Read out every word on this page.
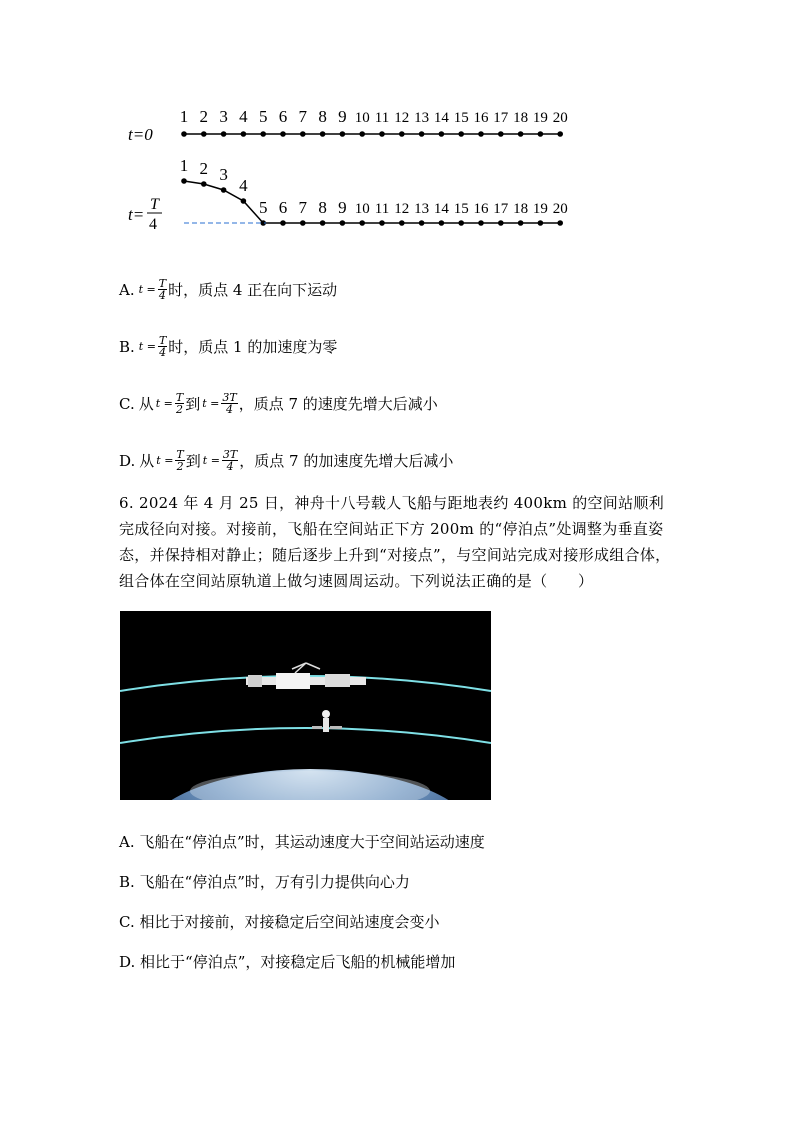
1 2 3 4 5 6 7 8 9 10 11 12 13 14 15 16 17 18 19 20
1 2 3
4
5 6 7 8 9 10 11 12 13 14 15 16 17 18 19 20
t=0
t=
T
4
A. $t = \frac{T}{4}$ 时，质点 4 正在向下运动
B. $t = \frac{T}{4}$ 时，质点 1 的加速度为零
C. 从 $t = \frac{T}{2}$ 到 $t = \frac{3T}{4}$ ，质点 7 的速度先增大后减小
D. 从 $t = \frac{T}{2}$ 到 $t = \frac{3T}{4}$ ，质点 7 的加速度先增大后减小
6. 2024 年 4 月 25 日，神舟十八号载人飞船与距地表约 400km 的空间站顺利完成径向对接。对接前，飞船在空间站正下方 200m 的“停泊点”处调整为垂直姿态，并保持相对静止；随后逐步上升到“对接点”，与空间站完成对接形成组合体，组合体在空间站原轨道上做匀速圆周运动。下列说法正确的是（　　）
A. 飞船在“停泊点”时，其运动速度大于空间站运动速度
B. 飞船在“停泊点”时，万有引力提供向心力
C. 相比于对接前，对接稳定后空间站速度会变小
D. 相比于“停泊点”，对接稳定后飞船的机械能增加
